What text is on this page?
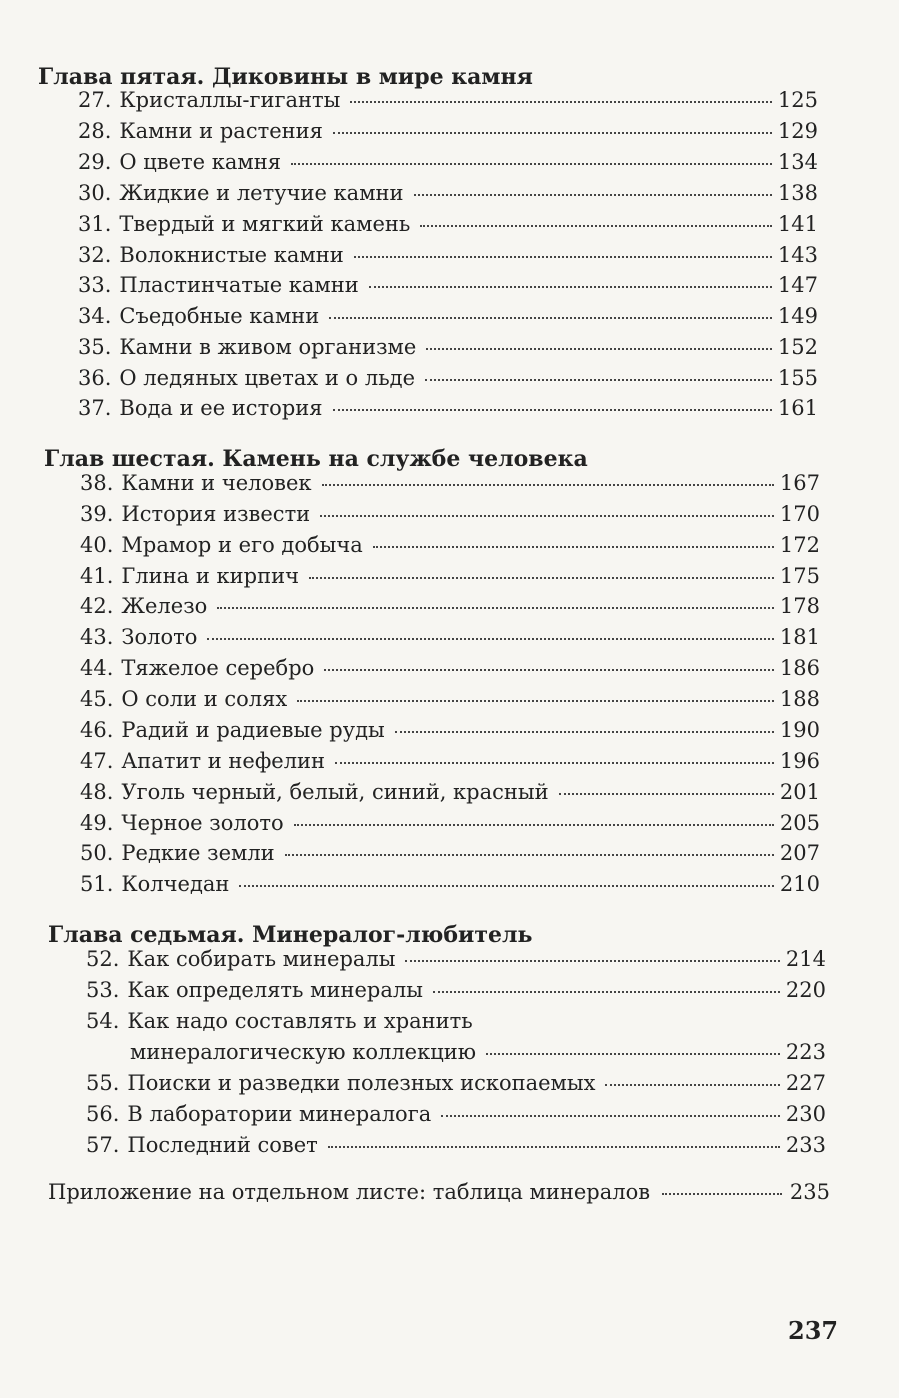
Глава пятая. Диковины в мире камня
27. Кристаллы-гиганты	125
28. Камни и растения	129
29. О цвете камня	134
30. Жидкие и летучие камни	138
31. Твердый и мягкий камень	141
32. Волокнистые камни	143
33. Пластинчатые камни	147
34. Съедобные камни	149
35. Камни в живом организме	152
36. О ледяных цветах и о льде	155
37. Вода и ее история	161
Глав шестая. Камень на службе человека
38. Камни и человек	167
39. История извести	170
40. Мрамор и его добыча	172
41. Глина и кирпич	175
42. Железо	178
43. Золото	181
44. Тяжелое серебро	186
45. О соли и солях	188
46. Радий и радиевые руды	190
47. Апатит и нефелин	196
48. Уголь черный, белый, синий, красный	201
49. Черное золото	205
50. Редкие земли	207
51. Колчедан	210
Глава седьмая. Минералог-любитель
52. Как собирать минералы	214
53. Как определять минералы	220
54. Как надо составлять и хранить
минералогическую коллекцию	223
55. Поиски и разведки полезных ископаемых	227
56. В лаборатории минералога	230
57. Последний совет	233
Приложение на отдельном листе: таблица минералов	235
237
